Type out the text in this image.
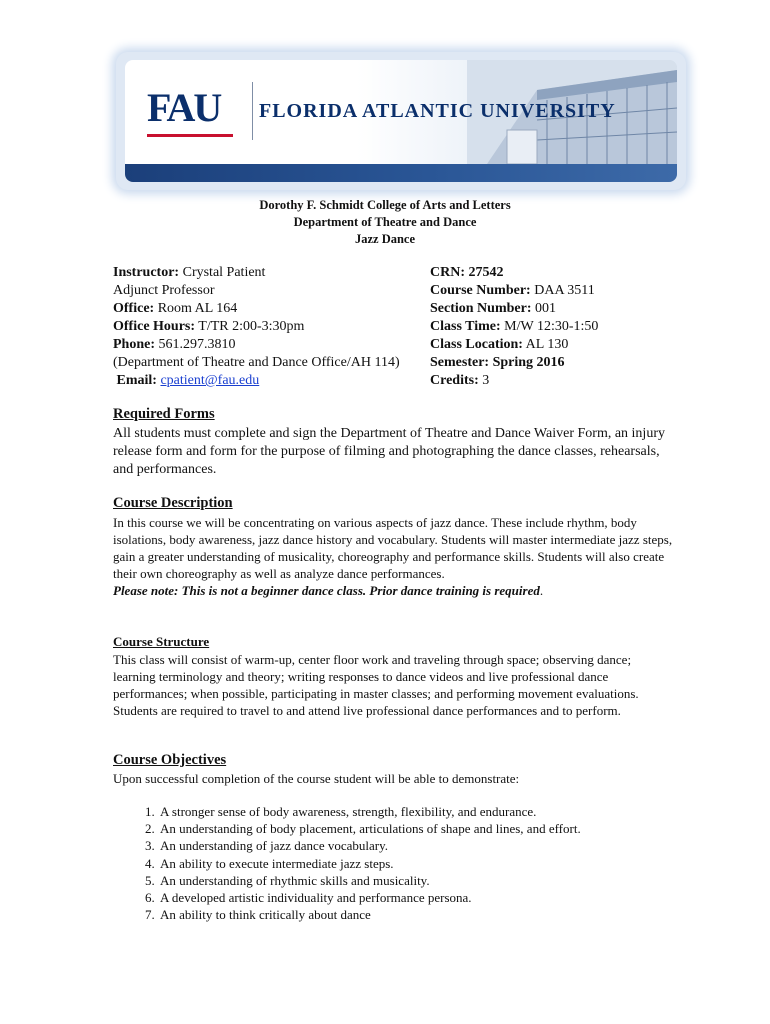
FAU FLORIDA ATLANTIC UNIVERSITY
Dorothy F. Schmidt College of Arts and Letters
Department of Theatre and Dance
Jazz Dance
Instructor: Crystal Patient
Adjunct Professor
Office: Room AL 164
Office Hours: T/TR 2:00-3:30pm
Phone: 561.297.3810
(Department of Theatre and Dance Office/AH 114)
Email: cpatient@fau.edu
CRN: 27542
Course Number: DAA 3511
Section Number: 001
Class Time: M/W 12:30-1:50
Class Location: AL 130
Semester: Spring 2016
Credits: 3
Required Forms
All students must complete and sign the Department of Theatre and Dance Waiver Form, an injury release form and form for the purpose of filming and photographing the dance classes, rehearsals, and performances.
Course Description
In this course we will be concentrating on various aspects of jazz dance. These include rhythm, body isolations, body awareness, jazz dance history and vocabulary. Students will master intermediate jazz steps, gain a greater understanding of musicality, choreography and performance skills. Students will also create their own choreography as well as analyze dance performances.
Please note: This is not a beginner dance class. Prior dance training is required.
Course Structure
This class will consist of warm-up, center floor work and traveling through space; observing dance; learning terminology and theory; writing responses to dance videos and live professional dance performances; when possible, participating in master classes; and performing movement evaluations. Students are required to travel to and attend live professional dance performances and to perform.
Course Objectives
Upon successful completion of the course student will be able to demonstrate:
1. A stronger sense of body awareness, strength, flexibility, and endurance.
2. An understanding of body placement, articulations of shape and lines, and effort.
3. An understanding of jazz dance vocabulary.
4. An ability to execute intermediate jazz steps.
5. An understanding of rhythmic skills and musicality.
6. A developed artistic individuality and performance persona.
7. An ability to think critically about dance
